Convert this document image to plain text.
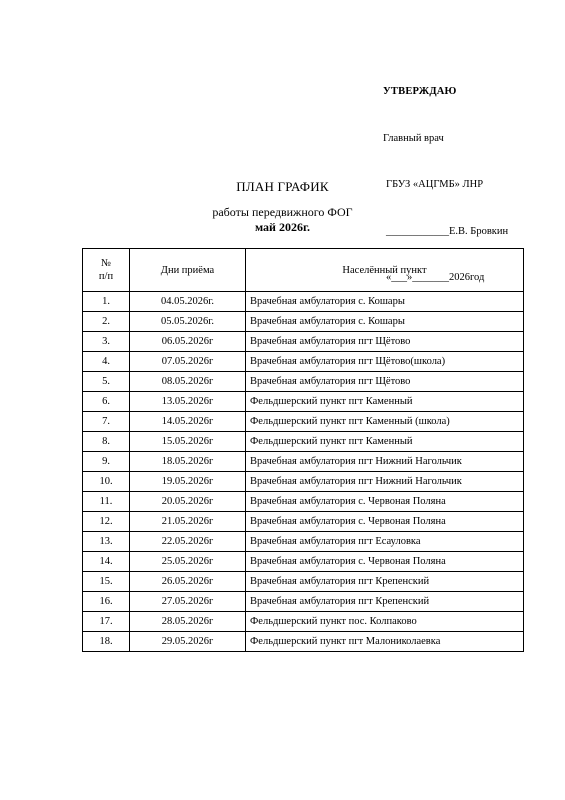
УТВЕРЖДАЮ

Главный врач

ГБУЗ «АЦГМБ» ЛНР

____________Е.В. Бровкин

«___»_______2026год

ПЛАН ГРАФИК
работы передвижного ФОГ
май 2026г.
№
п/п	Дни приёма	Населённый пункт
1.	04.05.2026г.	Врачебная амбулатория с. Кошары
2.	05.05.2026г.	Врачебная амбулатория с. Кошары
3.	06.05.2026г	Врачебная амбулатория пгт Щётово
4.	07.05.2026г	Врачебная амбулатория пгт Щётово(школа)
5.	08.05.2026г	Врачебная амбулатория пгт Щётово
6.	13.05.2026г	Фельдшерский пункт пгт Каменный
7.	14.05.2026г	Фельдшерский пункт пгт Каменный (школа)
8.	15.05.2026г	Фельдшерский пункт пгт Каменный
9.	18.05.2026г	Врачебная амбулатория пгт Нижний Нагольчик
10.	19.05.2026г	Врачебная амбулатория пгт Нижний Нагольчик
11.	20.05.2026г	Врачебная амбулатория с. Червоная Поляна
12.	21.05.2026г	Врачебная амбулатория с. Червоная Поляна
13.	22.05.2026г	Врачебная амбулатория пгт Есауловка
14.	25.05.2026г	Врачебная амбулатория с. Червоная Поляна
15.	26.05.2026г	Врачебная амбулатория пгт Крепенский
16.	27.05.2026г	Врачебная амбулатория пгт Крепенский
17.	28.05.2026г	Фельдшерский пункт пос. Колпаково
18.	29.05.2026г	Фельдшерский пункт пгт Малониколаевка
